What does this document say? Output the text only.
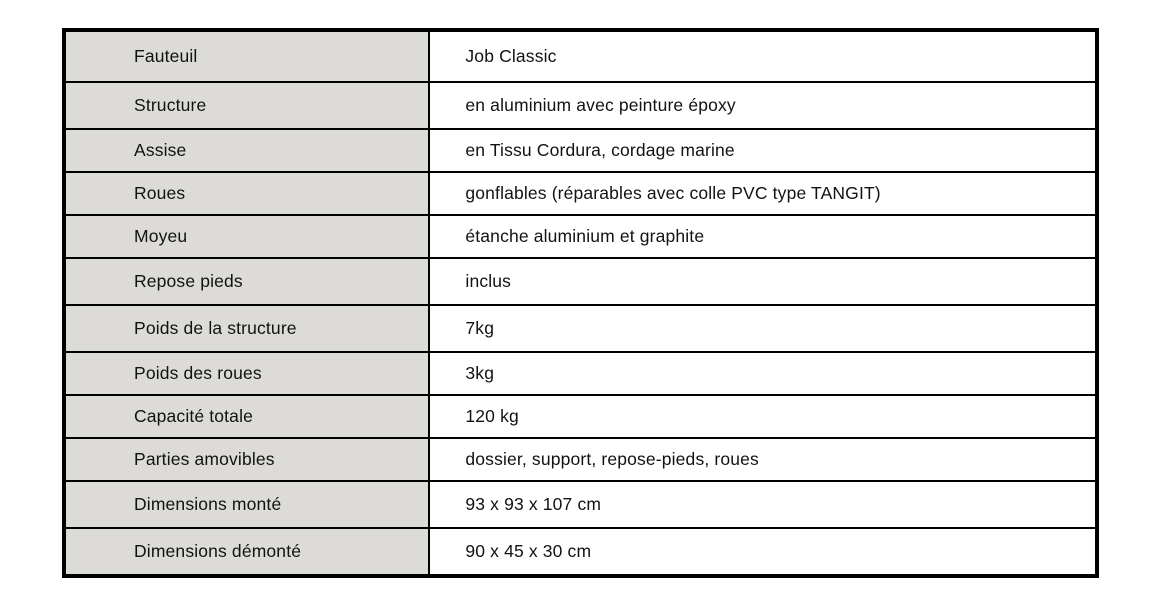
Fauteuil	Job Classic
Structure	en aluminium avec peinture époxy
Assise	en Tissu Cordura, cordage marine
Roues	gonflables (réparables avec colle PVC type TANGIT)
Moyeu	étanche aluminium et graphite
Repose pieds	inclus
Poids de la structure	7kg
Poids des roues	3kg
Capacité totale	120 kg
Parties amovibles	dossier, support, repose-pieds, roues
Dimensions monté	93 x 93 x 107 cm
Dimensions démonté	90 x 45 x 30 cm
